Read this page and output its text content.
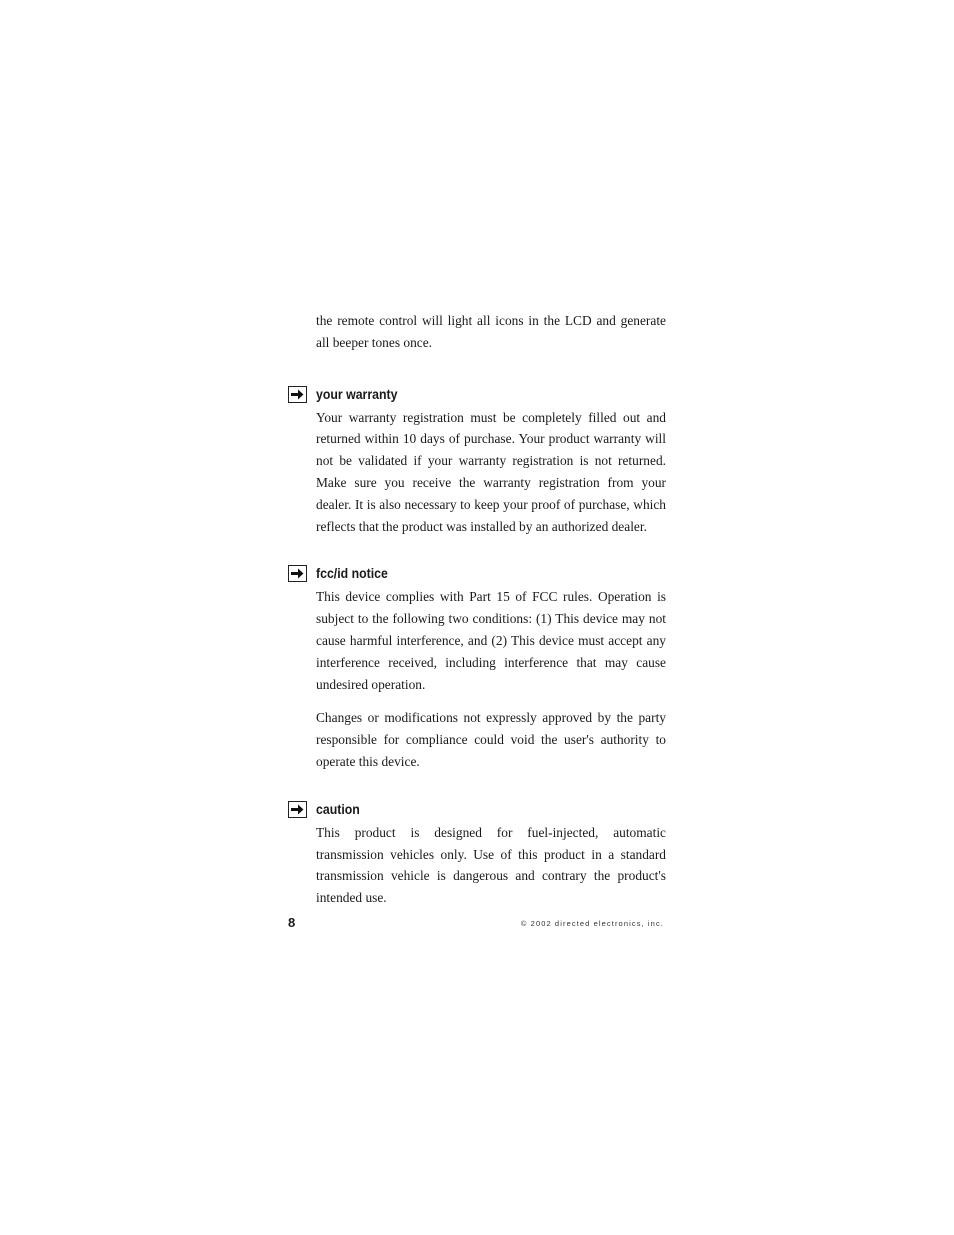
the remote control will light all icons in the LCD and generate all beeper tones once.

your warranty

Your warranty registration must be completely filled out and returned within 10 days of purchase. Your product warranty will not be validated if your warranty registration is not returned. Make sure you receive the warranty registration from your dealer. It is also necessary to keep your proof of purchase, which reflects that the product was installed by an authorized dealer.

fcc/id notice

This device complies with Part 15 of FCC rules. Operation is subject to the following two conditions: (1) This device may not cause harmful interference, and (2) This device must accept any interference received, including interference that may cause undesired operation.

Changes or modifications not expressly approved by the party responsible for compliance could void the user's authority to operate this device.

caution

This product is designed for fuel-injected, automatic transmission vehicles only. Use of this product in a standard transmission vehicle is dangerous and contrary the product's intended use.

8	© 2002 directed electronics, inc.
